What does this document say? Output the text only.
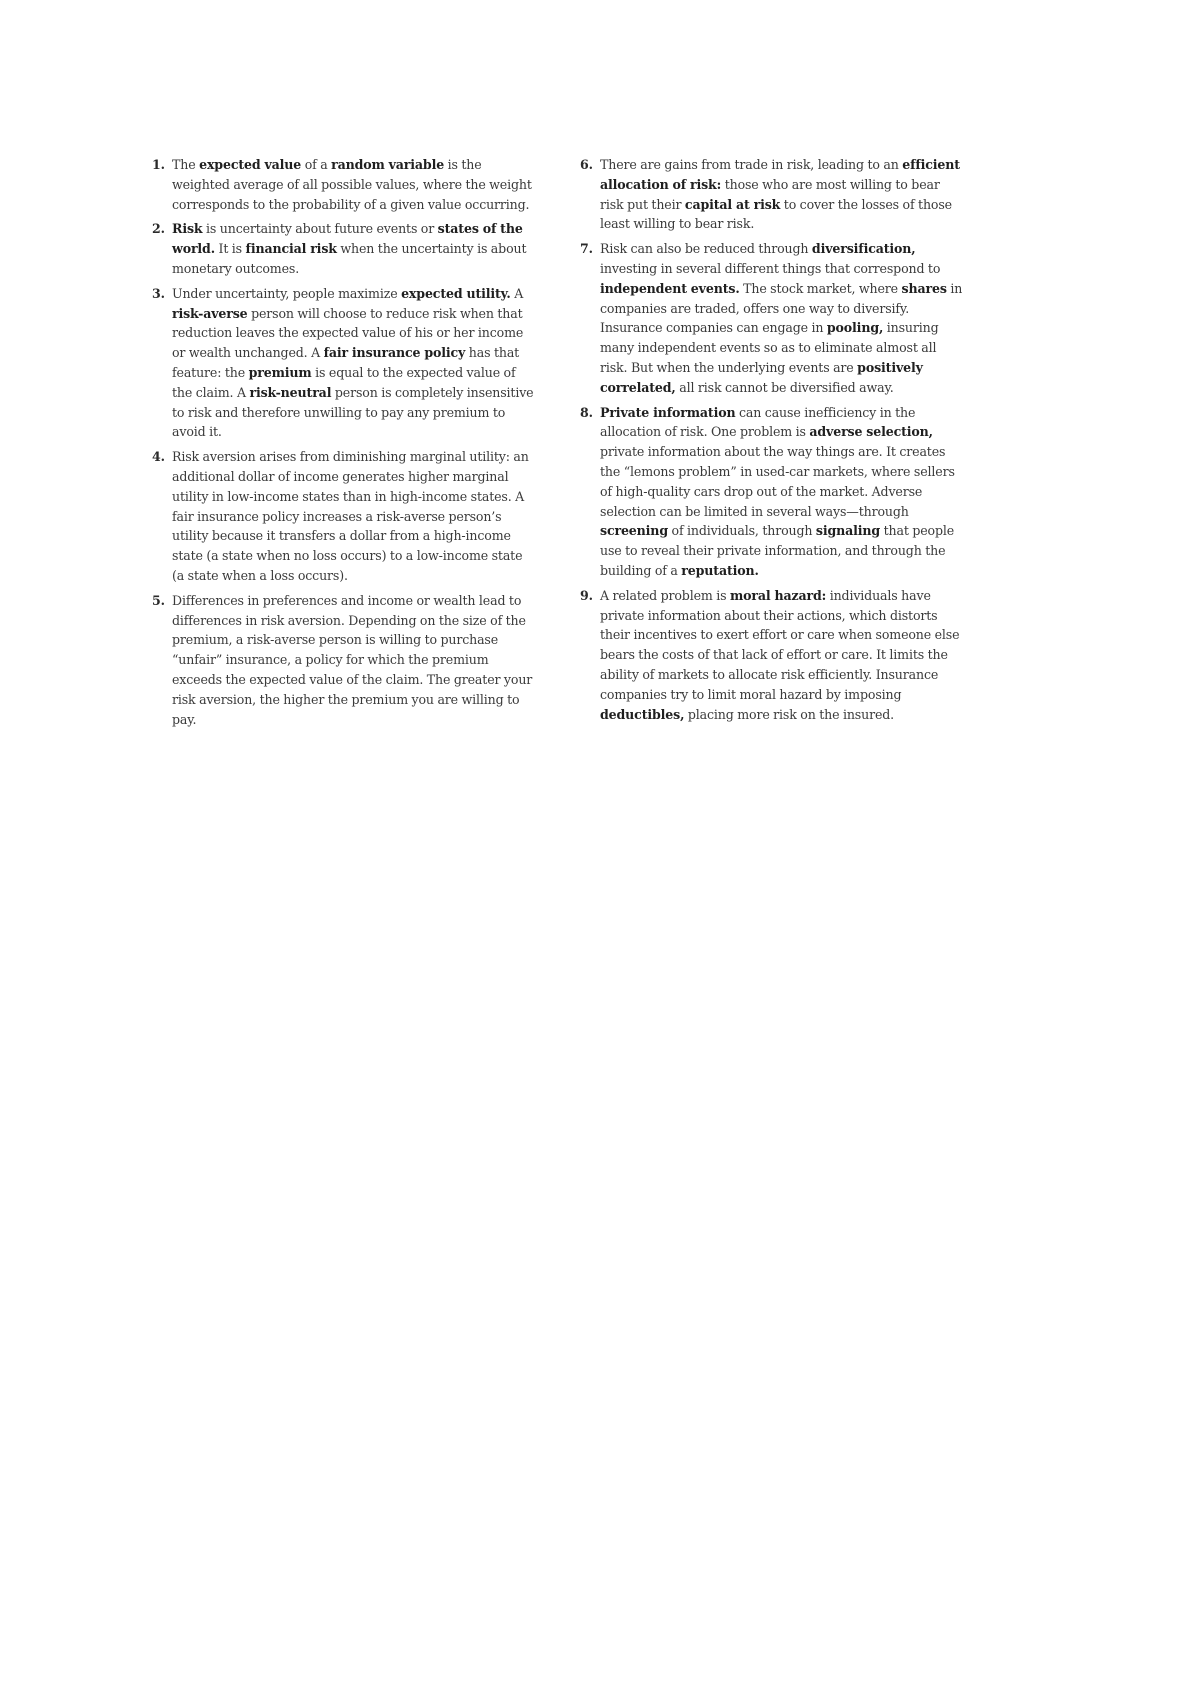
1. The expected value of a random variable is the weighted average of all possible values, where the weight corresponds to the probability of a given value occurring.
2. Risk is uncertainty about future events or states of the world. It is financial risk when the uncertainty is about monetary outcomes.
3. Under uncertainty, people maximize expected utility. A risk-averse person will choose to reduce risk when that reduction leaves the expected value of his or her income or wealth unchanged. A fair insurance policy has that feature: the premium is equal to the expected value of the claim. A risk-neutral person is completely insensitive to risk and therefore unwilling to pay any premium to avoid it.
4. Risk aversion arises from diminishing marginal utility: an additional dollar of income generates higher marginal utility in low-income states than in high-income states. A fair insurance policy increases a risk-averse person’s utility because it transfers a dollar from a high-income state (a state when no loss occurs) to a low-income state (a state when a loss occurs).
5. Differences in preferences and income or wealth lead to differences in risk aversion. Depending on the size of the premium, a risk-averse person is willing to purchase “unfair” insurance, a policy for which the premium exceeds the expected value of the claim. The greater your risk aversion, the higher the premium you are willing to pay.
6. There are gains from trade in risk, leading to an efficient allocation of risk: those who are most willing to bear risk put their capital at risk to cover the losses of those least willing to bear risk.
7. Risk can also be reduced through diversification, investing in several different things that correspond to independent events. The stock market, where shares in companies are traded, offers one way to diversify. Insurance companies can engage in pooling, insuring many independent events so as to eliminate almost all risk. But when the underlying events are positively correlated, all risk cannot be diversified away.
8. Private information can cause inefficiency in the allocation of risk. One problem is adverse selection, private information about the way things are. It creates the “lemons problem” in used-car markets, where sellers of high-quality cars drop out of the market. Adverse selection can be limited in several ways—through screening of individuals, through signaling that people use to reveal their private information, and through the building of a reputation.
9. A related problem is moral hazard: individuals have private information about their actions, which distorts their incentives to exert effort or care when someone else bears the costs of that lack of effort or care. It limits the ability of markets to allocate risk efficiently. Insurance companies try to limit moral hazard by imposing deductibles, placing more risk on the insured.
